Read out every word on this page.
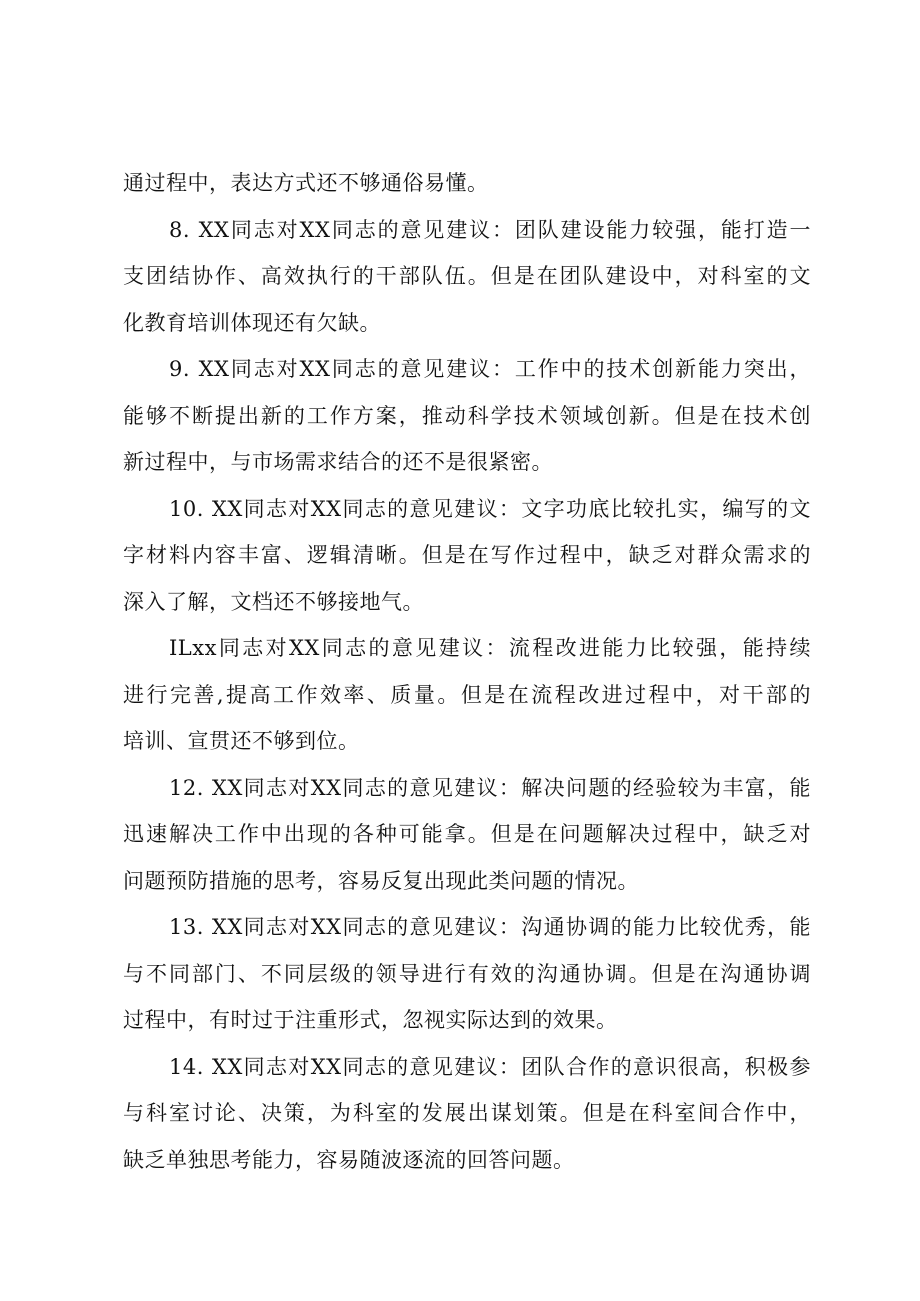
通过程中，表达方式还不够通俗易懂。

8. XX同志对XX同志的意见建议：团队建设能力较强，能打造一
支团结协作、高效执行的干部队伍。但是在团队建设中，对科室的文
化教育培训体现还有欠缺。

9. XX同志对XX同志的意见建议：工作中的技术创新能力突出，
能够不断提出新的工作方案，推动科学技术领域创新。但是在技术创
新过程中，与市场需求结合的还不是很紧密。

10. XX同志对XX同志的意见建议：文字功底比较扎实，编写的文
字材料内容丰富、逻辑清晰。但是在写作过程中，缺乏对群众需求的
深入了解，文档还不够接地气。

ILxx同志对XX同志的意见建议：流程改进能力比较强，能持续
进行完善,提高工作效率、质量。但是在流程改进过程中，对干部的
培训、宣贯还不够到位。

12. XX同志对XX同志的意见建议：解决问题的经验较为丰富，能
迅速解决工作中出现的各种可能拿。但是在问题解决过程中，缺乏对
问题预防措施的思考，容易反复出现此类问题的情况。

13. XX同志对XX同志的意见建议：沟通协调的能力比较优秀，能
与不同部门、不同层级的领导进行有效的沟通协调。但是在沟通协调
过程中，有时过于注重形式，忽视实际达到的效果。

14. XX同志对XX同志的意见建议：团队合作的意识很高，积极参
与科室讨论、决策，为科室的发展出谋划策。但是在科室间合作中，
缺乏单独思考能力，容易随波逐流的回答问题。
